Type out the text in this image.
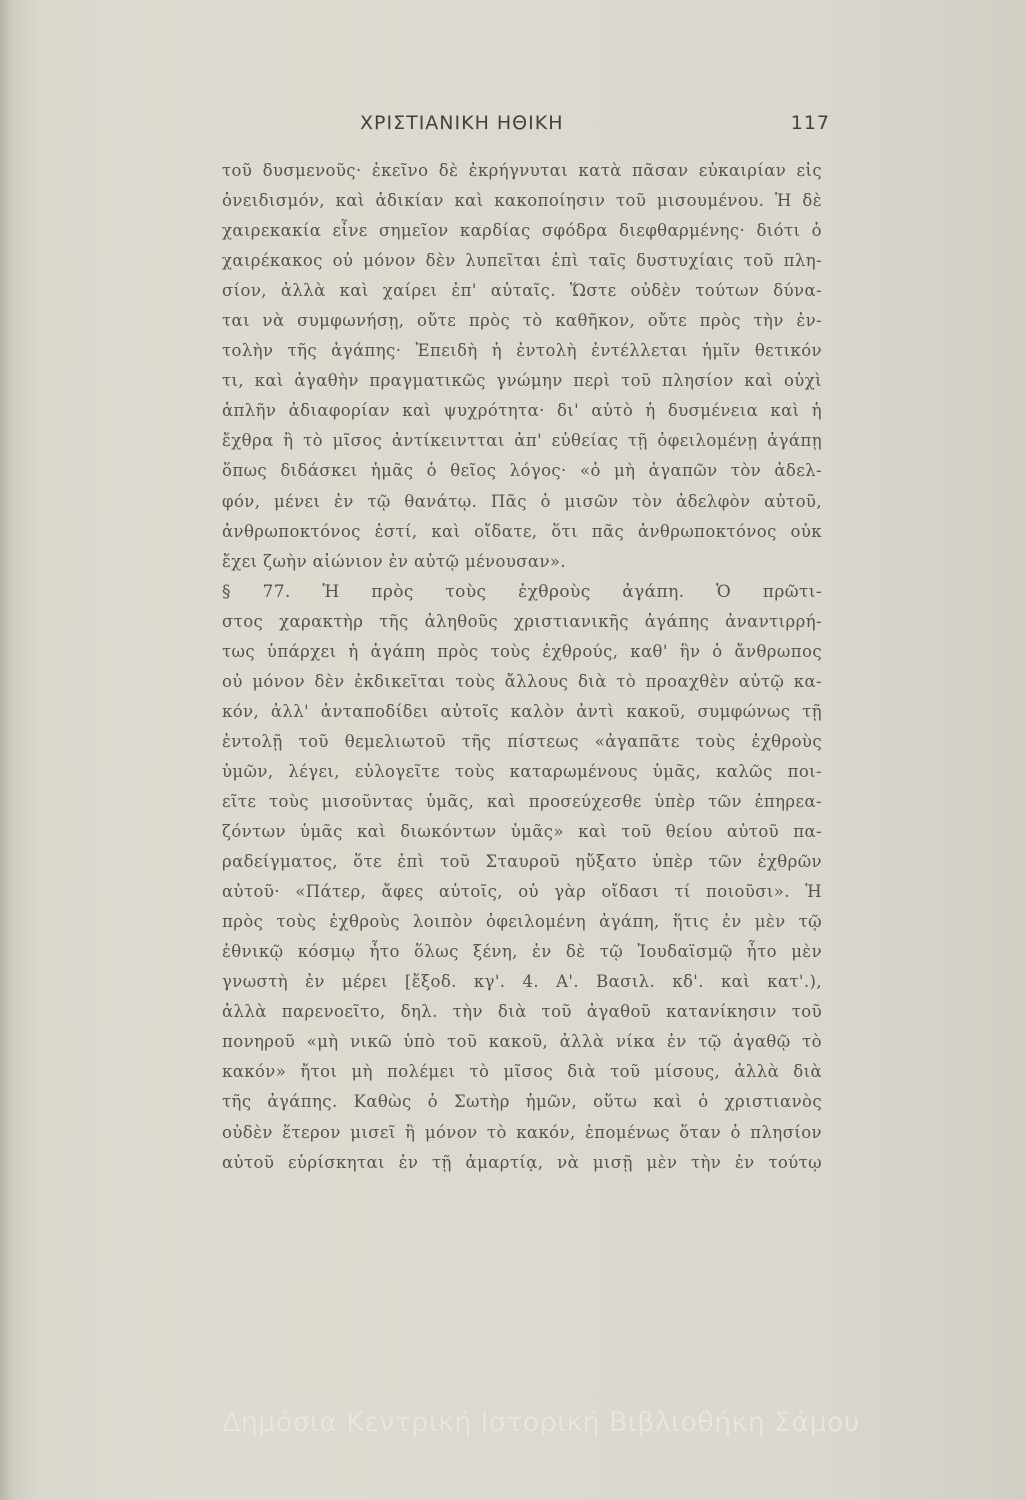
ΧΡΙΣΤΙΑΝΙΚΗ ΗΘΙΚΗ	117
τοῦ δυσμενοῦς· ἐκεῖνο δὲ ἐκρήγνυται κατὰ πᾶσαν εὐκαιρίαν εἰς
ὀνειδισμόν, καὶ ἀδικίαν καὶ κακοποίησιν τοῦ μισουμένου. Ἡ δὲ
χαιρεκακία εἶνε σημεῖον καρδίας σφόδρα διεφθαρμένης· διότι ὁ
χαιρέκακος οὐ μόνον δὲν λυπεῖται ἐπὶ ταῖς δυστυχίαις τοῦ πλη-
σίον, ἀλλὰ καὶ χαίρει ἐπ' αὐταῖς. Ὥστε οὐδὲν τούτων δύνα-
ται νὰ συμφωνήσῃ, οὔτε πρὸς τὸ καθῆκον, οὔτε πρὸς τὴν ἐν-
τολὴν τῆς ἀγάπης· Ἐπειδὴ ἡ ἐντολὴ ἐντέλλεται ἡμῖν θετικόν
τι, καὶ ἀγαθὴν πραγματικῶς γνώμην περὶ τοῦ πλησίον καὶ οὐχὶ
ἁπλῆν ἀδιαφορίαν καὶ ψυχρότητα· δι' αὐτὸ ἡ δυσμένεια καὶ ἡ
ἔχθρα ἢ τὸ μῖσος ἀντίκειντται ἀπ' εὐθείας τῇ ὀφειλομένῃ ἀγάπῃ
ὅπως διδάσκει ἡμᾶς ὁ θεῖος λόγος· «ὁ μὴ ἀγαπῶν τὸν ἀδελ-
φόν, μένει ἐν τῷ θανάτῳ. Πᾶς ὁ μισῶν τὸν ἀδελφὸν αὐτοῦ,
ἀνθρωποκτόνος ἐστί, καὶ οἴδατε, ὅτι πᾶς ἀνθρωποκτόνος οὐκ
ἔχει ζωὴν αἰώνιον ἐν αὐτῷ μένουσαν».
§ 77. Ἡ πρὸς τοὺς ἐχθροὺς ἀγάπη. Ὁ πρῶτι-
στος χαρακτὴρ τῆς ἀληθοῦς χριστιανικῆς ἀγάπης ἀναντιρρή-
τως ὑπάρχει ἡ ἀγάπη πρὸς τοὺς ἐχθρούς, καθ' ἣν ὁ ἄνθρωπος
οὐ μόνον δὲν ἐκδικεῖται τοὺς ἄλλους διὰ τὸ προαχθὲν αὐτῷ κα-
κόν, ἀλλ' ἀνταποδίδει αὐτοῖς καλὸν ἀντὶ κακοῦ, συμφώνως τῇ
ἐντολῇ τοῦ θεμελιωτοῦ τῆς πίστεως «ἀγαπᾶτε τοὺς ἐχθροὺς
ὑμῶν, λέγει, εὐλογεῖτε τοὺς καταρωμένους ὑμᾶς, καλῶς ποι-
εῖτε τοὺς μισοῦντας ὑμᾶς, καὶ προσεύχεσθε ὑπὲρ τῶν ἐπηρεα-
ζόντων ὑμᾶς καὶ διωκόντων ὑμᾶς» καὶ τοῦ θείου αὐτοῦ πα-
ραδείγματος, ὅτε ἐπὶ τοῦ Σταυροῦ ηὔξατο ὑπὲρ τῶν ἐχθρῶν
αὐτοῦ· «Πάτερ, ἄφες αὐτοῖς, οὐ γὰρ οἴδασι τί ποιοῦσι». Ἡ
πρὸς τοὺς ἐχθροὺς λοιπὸν ὀφειλομένη ἀγάπη, ἥτις ἐν μὲν τῷ
ἐθνικῷ κόσμῳ ἦτο ὅλως ξένη, ἐν δὲ τῷ Ἰουδαϊσμῷ ἦτο μὲν
γνωστὴ ἐν μέρει [ἔξοδ. κγ'. 4. Α'. Βασιλ. κδ'. καὶ κατ'.),
ἀλλὰ παρενοεῖτο, δηλ. τὴν διὰ τοῦ ἀγαθοῦ κατανίκησιν τοῦ
πονηροῦ «μὴ νικῶ ὑπὸ τοῦ κακοῦ, ἀλλὰ νίκα ἐν τῷ ἀγαθῷ τὸ
κακόν» ἤτοι μὴ πολέμει τὸ μῖσος διὰ τοῦ μίσους, ἀλλὰ διὰ
τῆς ἀγάπης. Καθὼς ὁ Σωτὴρ ἡμῶν, οὕτω καὶ ὁ χριστιανὸς
οὐδὲν ἕτερον μισεῖ ἢ μόνον τὸ κακόν, ἑπομένως ὅταν ὁ πλησίον
αὐτοῦ εὑρίσκηται ἐν τῇ ἁμαρτίᾳ, νὰ μισῇ μὲν τὴν ἐν τούτῳ
Δημόσια Κεντρική Ιστορική Βιβλιοθήκη Σάμου
